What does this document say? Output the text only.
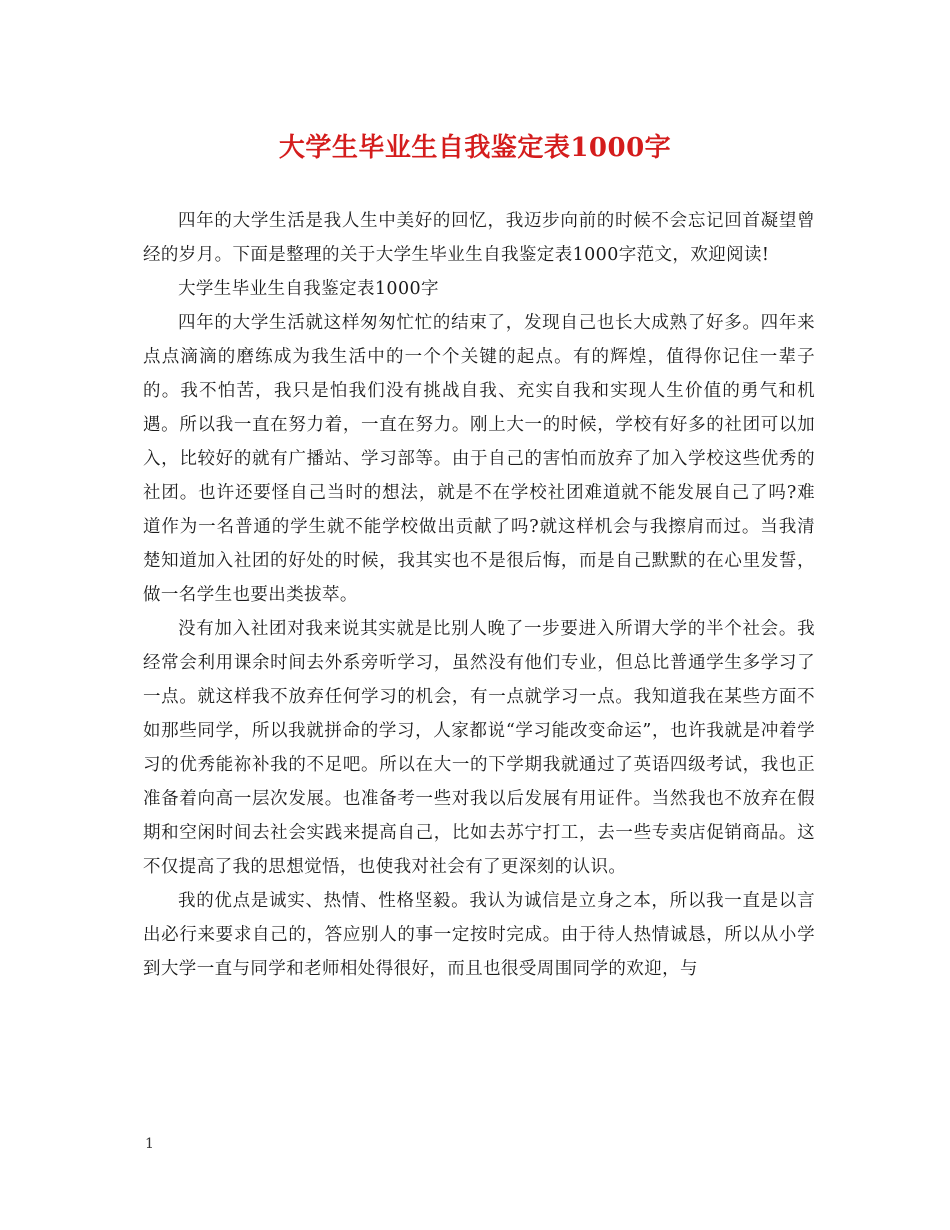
大学生毕业生自我鉴定表1000字

四年的大学生活是我人生中美好的回忆，我迈步向前的时候不会忘记回首凝望曾经的岁月。下面是整理的关于大学生毕业生自我鉴定表1000字范文，欢迎阅读!

大学生毕业生自我鉴定表1000字

四年的大学生活就这样匆匆忙忙的结束了，发现自己也长大成熟了好多。四年来点点滴滴的磨练成为我生活中的一个个关键的起点。有的辉煌，值得你记住一辈子的。我不怕苦，我只是怕我们没有挑战自我、充实自我和实现人生价值的勇气和机遇。所以我一直在努力着，一直在努力。刚上大一的时候，学校有好多的社团可以加入，比较好的就有广播站、学习部等。由于自己的害怕而放弃了加入学校这些优秀的社团。也许还要怪自己当时的想法，就是不在学校社团难道就不能发展自己了吗?难道作为一名普通的学生就不能学校做出贡献了吗?就这样机会与我擦肩而过。当我清楚知道加入社团的好处的时候，我其实也不是很后悔，而是自己默默的在心里发誓，做一名学生也要出类拔萃。

没有加入社团对我来说其实就是比别人晚了一步要进入所谓大学的半个社会。我经常会利用课余时间去外系旁听学习，虽然没有他们专业，但总比普通学生多学习了一点。就这样我不放弃任何学习的机会，有一点就学习一点。我知道我在某些方面不如那些同学，所以我就拼命的学习，人家都说“学习能改变命运”，也许我就是冲着学习的优秀能祢补我的不足吧。所以在大一的下学期我就通过了英语四级考试，我也正准备着向高一层次发展。也准备考一些对我以后发展有用证件。当然我也不放弃在假期和空闲时间去社会实践来提高自己，比如去苏宁打工，去一些专卖店促销商品。这不仅提高了我的思想觉悟，也使我对社会有了更深刻的认识。

我的优点是诚实、热情、性格坚毅。我认为诚信是立身之本，所以我一直是以言出必行来要求自己的，答应别人的事一定按时完成。由于待人热情诚恳，所以从小学到大学一直与同学和老师相处得很好，而且也很受周围同学的欢迎，与

1
